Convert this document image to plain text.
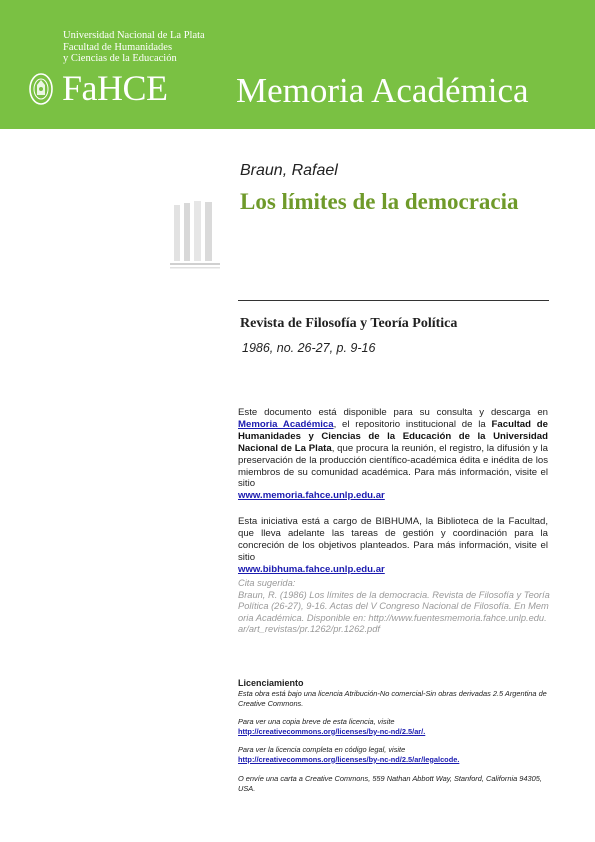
Universidad Nacional de La Plata
Facultad de Humanidades
y Ciencias de la Educación
FaHCE Memoria Académica
Braun, Rafael
Los límites de la democracia
Revista de Filosofía y Teoría Política
1986, no. 26-27, p. 9-16
Este documento está disponible para su consulta y descarga en Memoria Académica, el repositorio institucional de la Facultad de Humanidades y Ciencias de la Educación de la Universidad Nacional de La Plata, que procura la reunión, el registro, la difusión y la preservación de la producción científico-académica édita e inédita de los miembros de su comunidad académica. Para más información, visite el sitio
www.memoria.fahce.unlp.edu.ar
Esta iniciativa está a cargo de BIBHUMA, la Biblioteca de la Facultad, que lleva adelante las tareas de gestión y coordinación para la concreción de los objetivos planteados. Para más información, visite el sitio
www.bibhuma.fahce.unlp.edu.ar
Cita sugerida:
Braun, R. (1986) Los límites de la democracia. Revista de Filosofía y Teoría Política (26-27), 9-16. Actas del V Congreso Nacional de Filosofía. En Memoria Académica. Disponible en: http://www.fuentesmemoria.fahce.unlp.edu.ar/art_revistas/pr.1262/pr.1262.pdf
Licenciamiento
Esta obra está bajo una licencia Atribución-No comercial-Sin obras derivadas 2.5 Argentina de Creative Commons.
Para ver una copia breve de esta licencia, visite
http://creativecommons.org/licenses/by-nc-nd/2.5/ar/.
Para ver la licencia completa en código legal, visite
http://creativecommons.org/licenses/by-nc-nd/2.5/ar/legalcode.
O envíe una carta a Creative Commons, 559 Nathan Abbott Way, Stanford, California 94305, USA.
